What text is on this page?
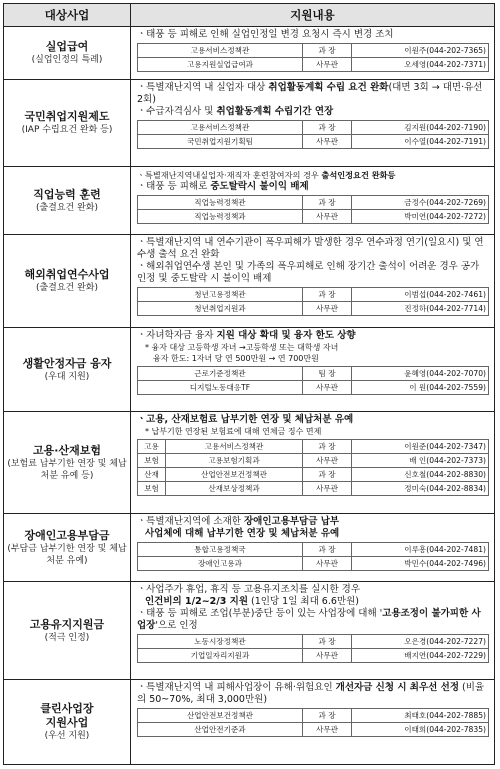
대상사업	지원내용
실업급여
(실업인정의 특례)
ㆍ태풍 등 피해로 인해 실업인정일 변경 요청시 즉시 변경 조치
고용서비스정책관	과 장	이원주(044-202-7365)
고용지원실업급여과	사무관	오세영(044-202-7371)
국민취업지원제도
(IAP 수립요건 완화 등)
ㆍ특별재난지역 내 실업자 대상 취업활동계획 수립 요건 완화(대면 3회 → 대면·유선 2회)
ㆍ수급자격심사 및 취업활동계획 수립기간 연장
고용서비스정책관	과 장	김지원(044-202-7190)
국민취업지원기획팀	사무관	이수열(044-202-7191)
직업능력 훈련
(출결요건 완화)
ㆍ특별재난지역내실업자·재직자 훈련참여자의 경우 출석인정요건 완화등
ㆍ태풍 등 피해로 중도탈락시 불이익 배제
직업능력정책관	과 장	금정수(044-202-7269)
직업능력정책과	사무관	박미연(044-202-7272)
해외취업연수사업
(출결요건 완화)
ㆍ특별재난지역 내 연수기관이 폭우피해가 발생한 경우 연수과정 연기(일요시) 및 연수생 출석 요건 완화
ㆍ해외취업연수생 본인 및 가족의 폭우피해로 인해 장기간 출석이 어려운 경우 공가 인정 및 중도탈락 시 불이익 배제
청년고용정책관	과 장	이범섭(044-202-7461)
청년취업지원과	사무관	진정하(044-202-7714)
생활안정자금 융자
(우대 지원)
ㆍ자녀학자금 융자 지원 대상 확대 및 융자 한도 상향
* 융자 대상 고등학생 자녀 →고등학생 또는 대학생 자녀
융자 한도: 1자녀 당 연 500만원 → 연 700만원
근로기준정책관	팀 장	윤혜영(044-202-7070)
디지털노동대응TF	사무관	이 원(044-202-7559)
고용·산재보험
(보험료 납부기한 연장 및 체납처분 유예 등)
ㆍ고용, 산재보험료 납부기한 연장 및 체납처분 유예
* 납부기한 연장된 보험료에 대해 연체금 징수 면제
고용	고용서비스정책관	과 장	이원준(044-202-7347)
보험	고용보험기획과	사무관	배 인(044-202-7373)
산재	산업안전보건정책관	과 장	신호철(044-202-8830)
보험	산재보상정책과	사무관	정미숙(044-202-8834)
장애인고용부담금
(부담금 납부기한 연장 및 체납처분 유예)
ㆍ특별재난지역에 소재한 장애인고용부담금 납부
사업체에 대해 납부기한 연장 및 체납처분 유예
통합고용정책국	과 장	이루흥(044-202-7481)
장애인고용과	사무관	박민수(044-202-7496)
고용유지지원금
(적극 인정)
ㆍ사업주가 휴업, 휴직 등 고용유지조치를 실시한 경우
인건비의 1/2~2/3 지원 (1인당 1일 최대 6.6만원)
ㆍ태풍 등 피해로 조업(부분)중단 등이 있는 사업장에 대해 '고용조정이 불가피한 사업장'으로 인정
노동시장정책관	과 장	오은경(044-202-7227)
기업일자리지원과	사무관	배지연(044-202-7229)
클린사업장
지원사업
(우선 지원)
ㆍ특별재난지역 내 피해사업장이 유해·위험요인 개선자금 신청 시 최우선 선정 (비율의 50~70%, 최대 3,000만원)
산업안전보건정책관	과 장	최태호(044-202-7885)
산업안전기준과	사무관	이태희(044-202-7835)
